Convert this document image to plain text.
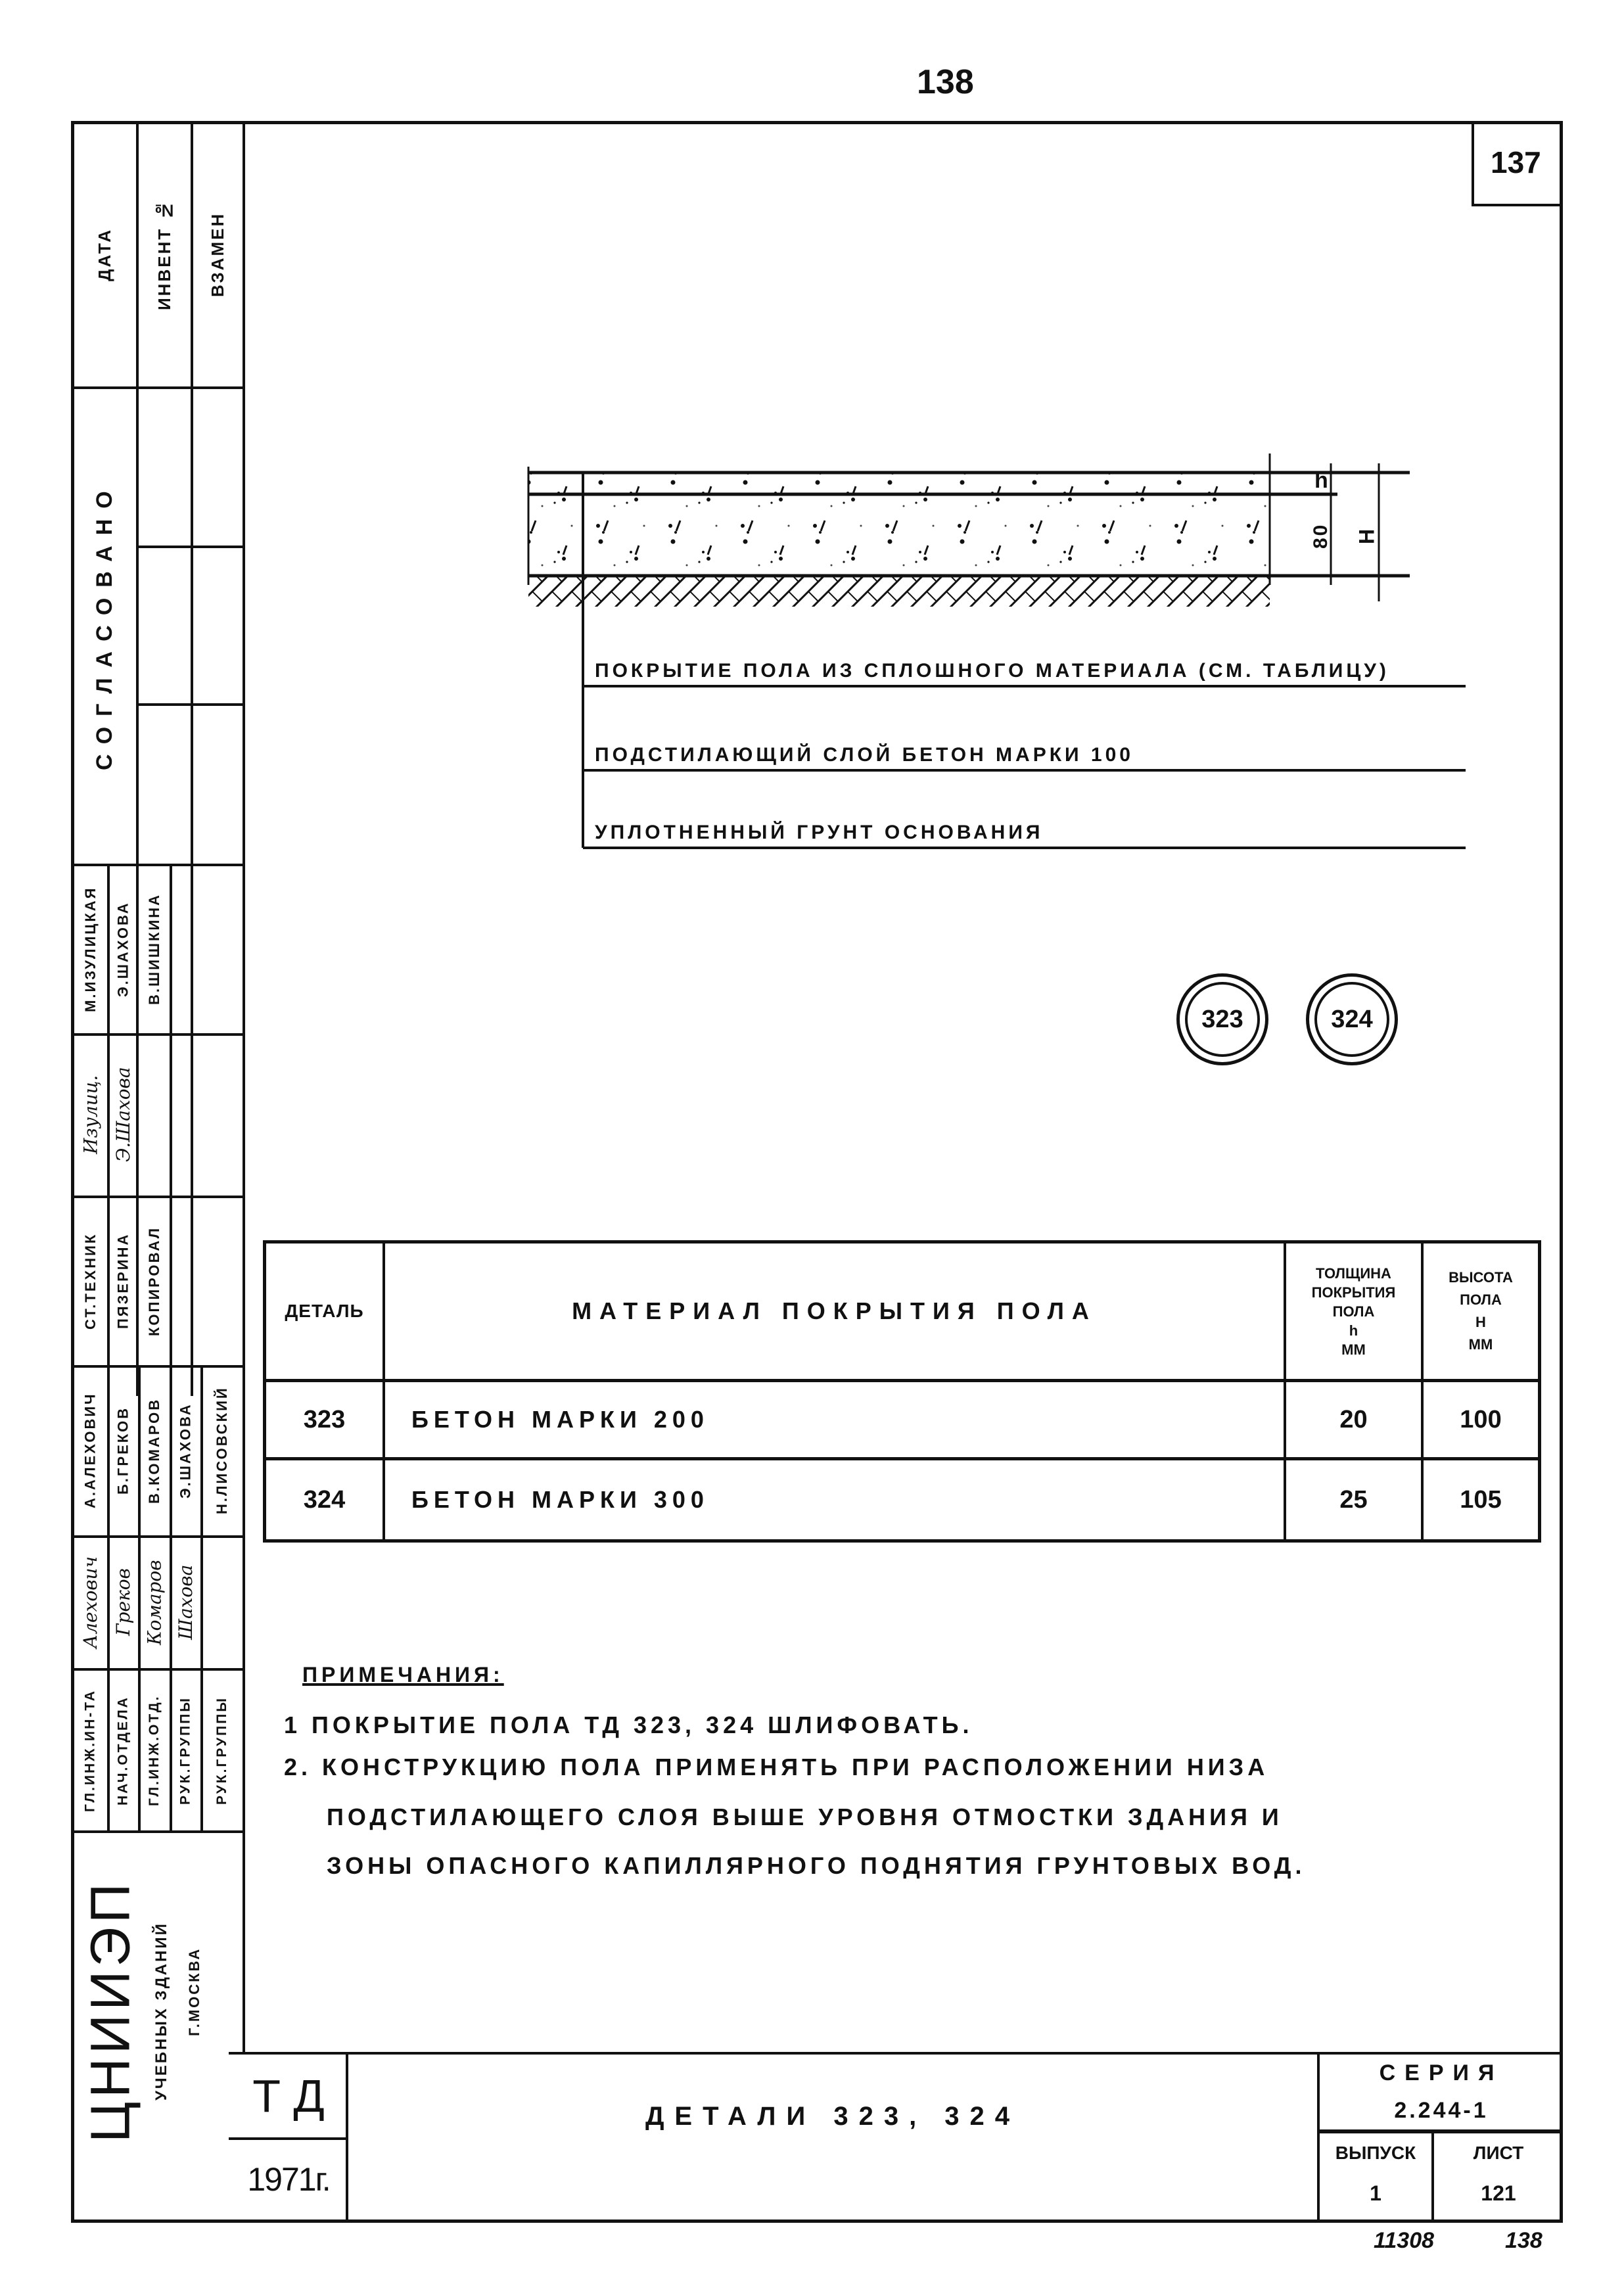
138
137
ДАТА	ИНВЕНТ №	ВЗАМЕН
СОГЛАСОВАНО
М.ИЗУЛИЦКАЯ	Э.ШАХОВА	В.ШИШКИНА
Изулиц. Э.Шахова
СТ.ТЕХНИК	ПЯЗЕРИНА	КОПИРОВАЛ
А.АЛЕХОВИЧ	Б.ГРЕКОВ	В.КОМАРОВ	Э.ШАХОВА	Н.ЛИСОВСКИЙ
Алехович Греков Комаров Шахова
ГЛ.ИНЖ.ИН-ТА	НАЧ.ОТДЕЛА	ГЛ.ИНЖ.ОТД.	РУК.ГРУППЫ	РУК.ГРУППЫ
ЦНИИЭП УЧЕБНЫХ ЗДАНИЙ	Г.МОСКВА
h
80 H
ПОКРЫТИЕ ПОЛА ИЗ СПЛОШНОГО МАТЕРИАЛА (СМ. ТАБЛИЦУ)
ПОДСТИЛАЮЩИЙ СЛОЙ БЕТОН МАРКИ 100
УПЛОТНЕННЫЙ ГРУНТ ОСНОВАНИЯ
323	324
ДЕТАЛЬ	МАТЕРИАЛ ПОКРЫТИЯ ПОЛА
ТОЛЩИНА
ПОКРЫТИЯ
ПОЛА
h
ММ
ВЫСОТА
ПОЛА
H
ММ
323	БЕТОН МАРКИ 200	20	100
324	БЕТОН МАРКИ 300	25	105
ПРИМЕЧАНИЯ:
1 ПОКРЫТИЕ ПОЛА ТД 323, 324 ШЛИФОВАТЬ.
2. КОНСТРУКЦИЮ ПОЛА ПРИМЕНЯТЬ ПРИ РАСПОЛОЖЕНИИ НИЗА
ПОДСТИЛАЮЩЕГО СЛОЯ ВЫШЕ УРОВНЯ ОТМОСТКИ ЗДАНИЯ И
ЗОНЫ ОПАСНОГО КАПИЛЛЯРНОГО ПОДНЯТИЯ ГРУНТОВЫХ ВОД.
Т Д
1971г.
ДЕТАЛИ 323, 324
СЕРИЯ
2.244-1
ВЫПУСК
1
ЛИСТ
121
11308	138
